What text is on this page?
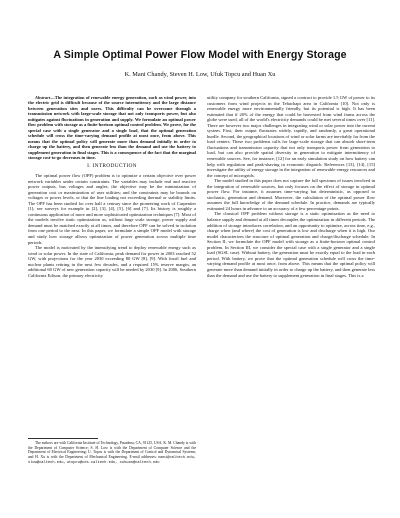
A Simple Optimal Power Flow Model with Energy Storage
K. Mani Chandy, Steven H. Low, Ufuk Topcu and Huan Xu

Abstract—The integration of renewable energy generation, such as wind power, into the electric grid is difficult because of the source intermittency and the large distance between generation sites and users. This difficulty can be overcome through a transmission network with large-scale storage that not only transports power, but also mitigates against fluctuations in generation and supply. We formulate an optimal power flow problem with storage as a finite-horizon optimal control problem. We prove, for the special case with a single generator and a single load, that the optimal generation schedule will cross the time-varying demand profile at most once, from above. This means that the optimal policy will generate more than demand initially in order to charge up the battery, and then generate less than the demand and use the battery to supplement generation in final stages. This is a consequence of the fact that the marginal storage cost-to-go decreases in time.

I. INTRODUCTION

The optimal power flow (OPF) problem is to optimize a certain objective over power network variables under certain constraints. The variables may include real and reactive power outputs, bus voltages and angles; the objective may be the minimization of generation cost or maximization of user utilities; and the constraints may be bounds on voltages or power levels, or that the line loading not exceeding thermal or stability limits. The OPF has been studied for over half a century since the pioneering work of Carpentier [1]; see surveys for example in [2], [3], [4], [5], [6] and [7]. Its history is roughly a continuous application of more and more sophisticated optimization techniques [7]. Most of the models involve static optimization as, without large scale storage, power supply and demand must be matched exactly at all times, and therefore OPF can be solved in isolation from one period to the next. In this paper, we formulate a simple OPF model with storage and study how storage allows optimization of power generation across multiple time periods.

The model is motivated by the intensifying trend to deploy renewable energy such as wind or solar power. In the state of California, peak demand for power in 2003 reached 52 GW, with projections for the year 2030 exceeding 80 GW [8], [9]. With fossil fuel and nuclear plants retiring in the next few decades, and a required 15% reserve margin, an additional 60 GW of new generation capacity will be needed by 2030 [9]. In 2006, Southern California Edison, the primary electricity

The authors are with California Institute of Technology, Pasadena, CA, 91125, USA. K. M. Chandy is with the Department of Computer Science; S. H. Low is with the Department of Computer Science and the Department of Electrical Engineering; U. Topcu is with the Department of Control and Dynamical Systems; and H. Xu is with the Department of Mechanical Engineering. E-mail addresses: mani@caltech.edu, slow@caltech.edu, utopcu@cds.caltech.edu, xuhuan@caltech.edu

utility company for southern California, signed a contract to provide 1.5 GW of power to its customers from wind projects in the Tehachapi area in California [10]. Not only is renewable energy more environmentally friendly, but its potential is high. It has been estimated that if 20% of the energy that could be harvested from wind farms across the globe were used, all of the world's electricity demands could be met several times over [11]. There are however two major challenges in integrating wind or solar power into the current system. First, their output fluctuates widely, rapidly, and randomly, a great operational hurdle. Second, the geographical locations of wind or solar farms are inevitably far from the load centers. These two problems calls for large-scale storage that can absorb short-term fluctuations and transmission capacity that not only transports power from generation to load, but can also provide spatial diversity in generation to mitigate intermittency of renewable sources. See, for instance, [12] for an early simulation study on how battery can help with regulation and peak-shaving in economic dispatch. References [13], [14], [15] investigate the utility of energy storage in the integration of renewable energy resources and the concept of microgrids.

The model studied in this paper does not capture the full spectrum of issues involved in the integration of renewable sources, but only focuses on the effect of storage in optimal power flow. For instance, it assumes time-varying but deterministic, as opposed to stochastic, generation and demand. Moreover, the calculation of the optimal power flow assumes the full knowledge of the demand schedule. In practice, demands are typically estimated 24 hours in advance to an accuracy of a few percentage points.

The classical OPF problem without storage is a static optimization as the need to balance supply and demand at all times decouples the optimization in different periods. The addition of storage introduces correlation, and an opportunity to optimize, across time, e.g., charge when (and where) the cost of generation is low and discharge when it is high. Our model characterizes the structure of optimal generation and charge/discharge schedule. In Section II, we formulate the OPF model with storage as a finite-horizon optimal control problem. In Section III, we consider the special case with a single generator and a single load (SGSL case). Without battery, the generation must be exactly equal to the load in each period. With battery, we prove that the optimal generation schedule will cross the time-varying demand profile at most once, from above. This means that the optimal policy will generate more than demand initially in order to charge up the battery, and then generate less than the demand and use the battery to supplement generation in final stages. This is a
